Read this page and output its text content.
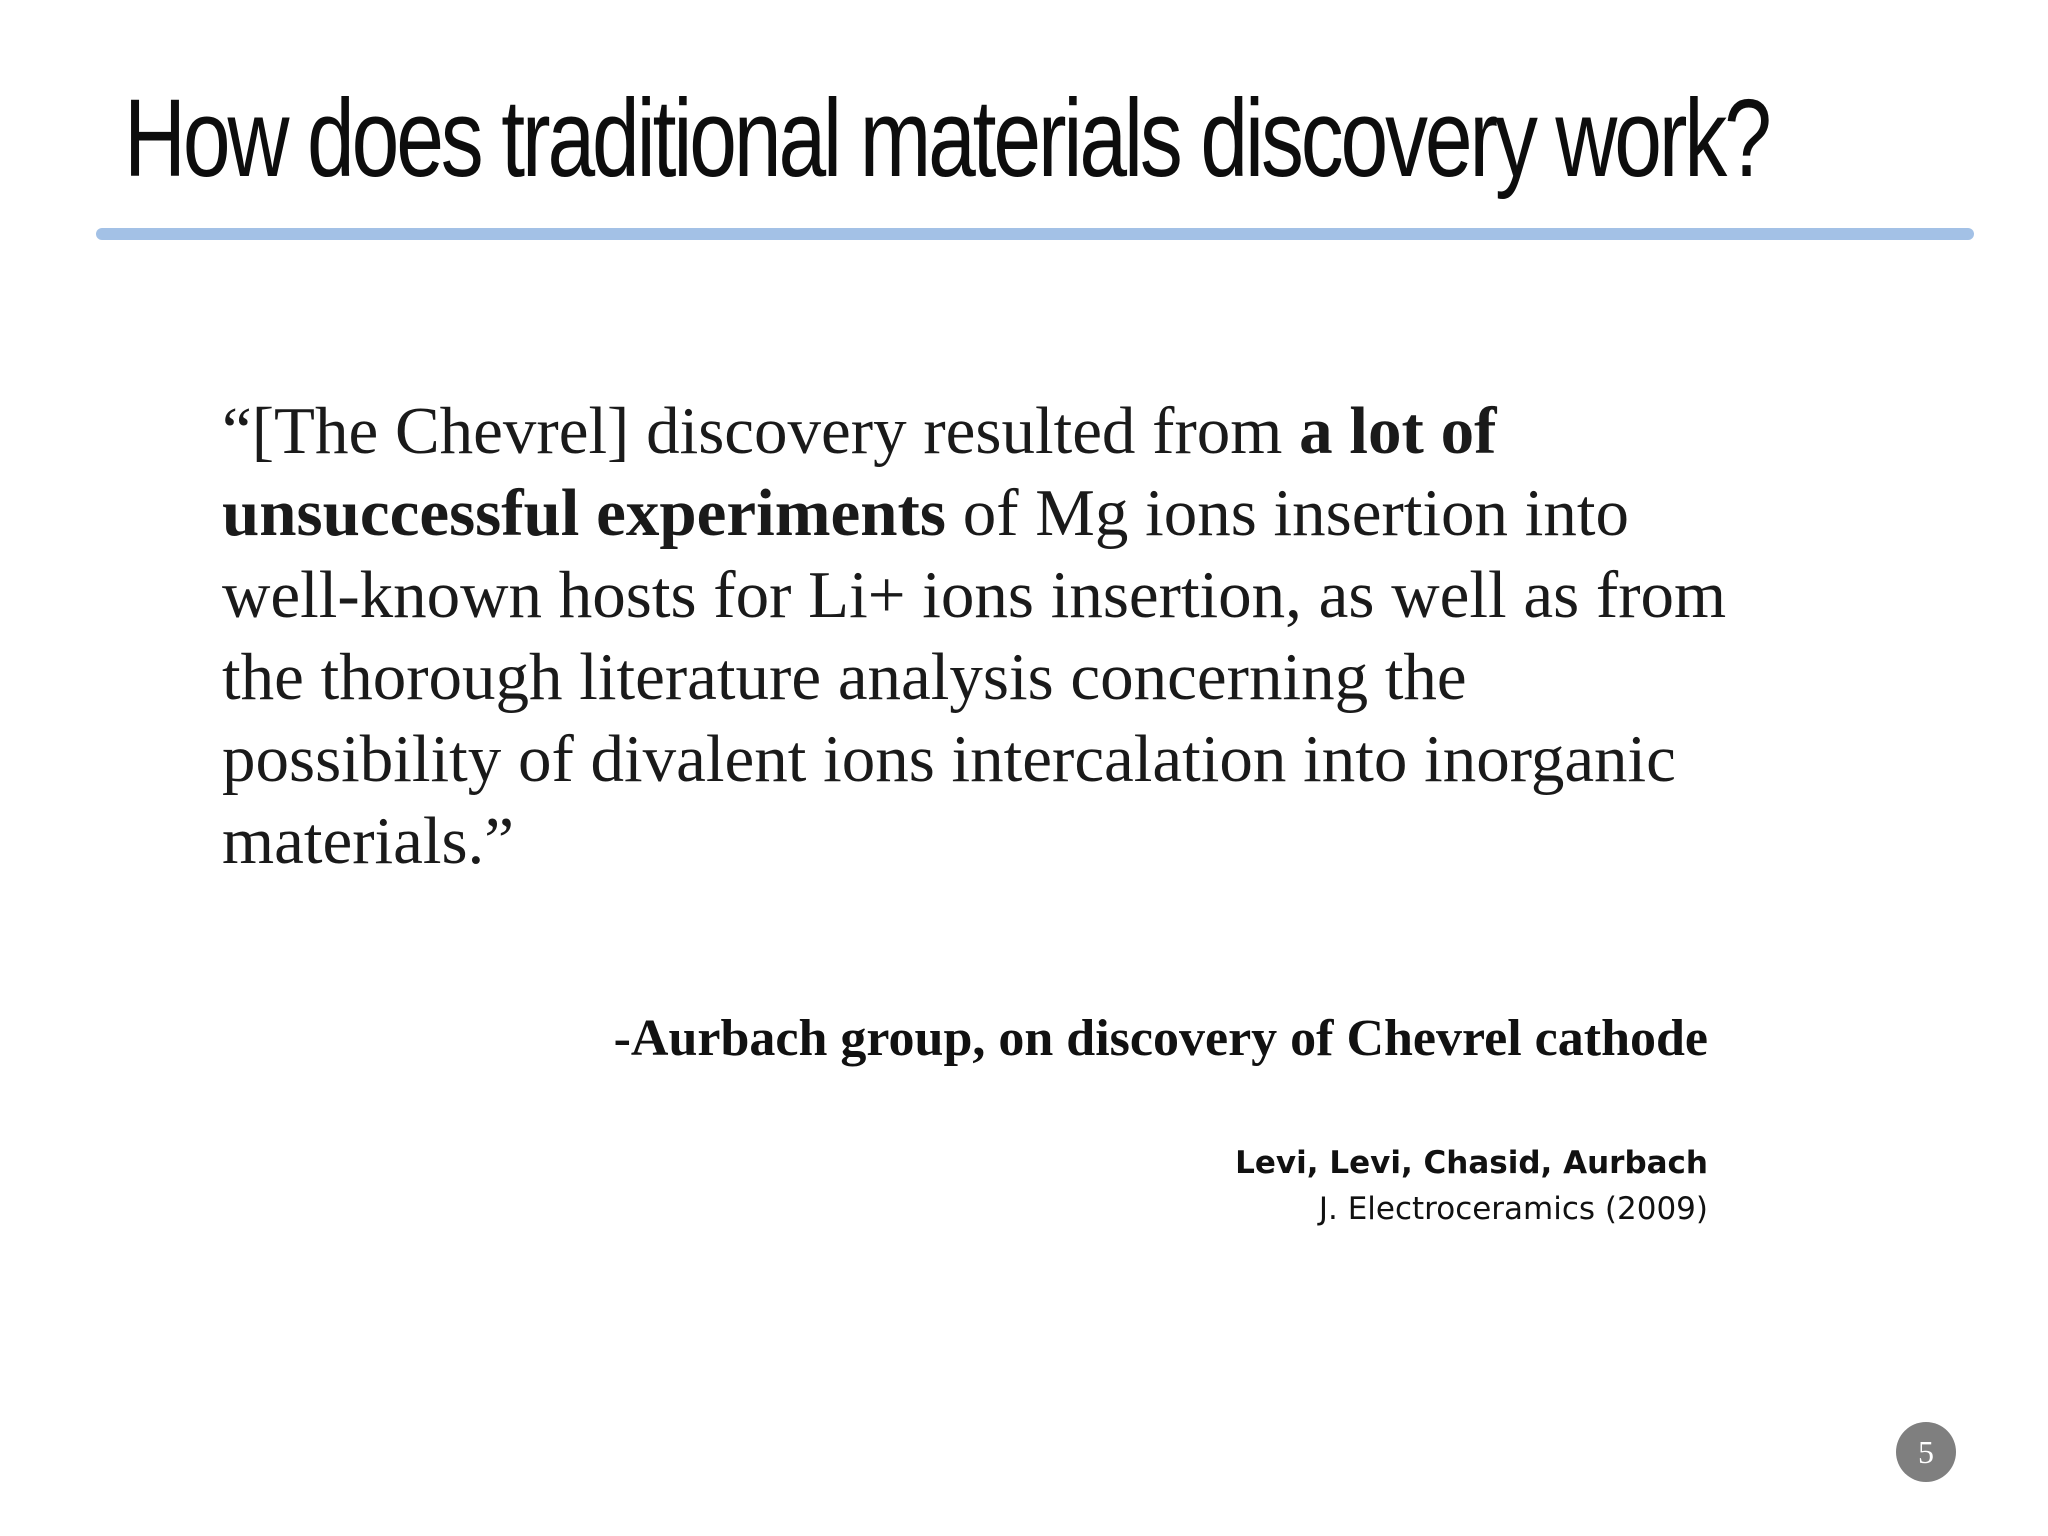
How does traditional materials discovery work?

“[The Chevrel] discovery resulted from a lot of unsuccessful experiments of Mg ions insertion into well-known hosts for Li+ ions insertion, as well as from the thorough literature analysis concerning the possibility of divalent ions intercalation into inorganic materials.”

-Aurbach group, on discovery of Chevrel cathode

Levi, Levi, Chasid, Aurbach
J. Electroceramics (2009)
5
